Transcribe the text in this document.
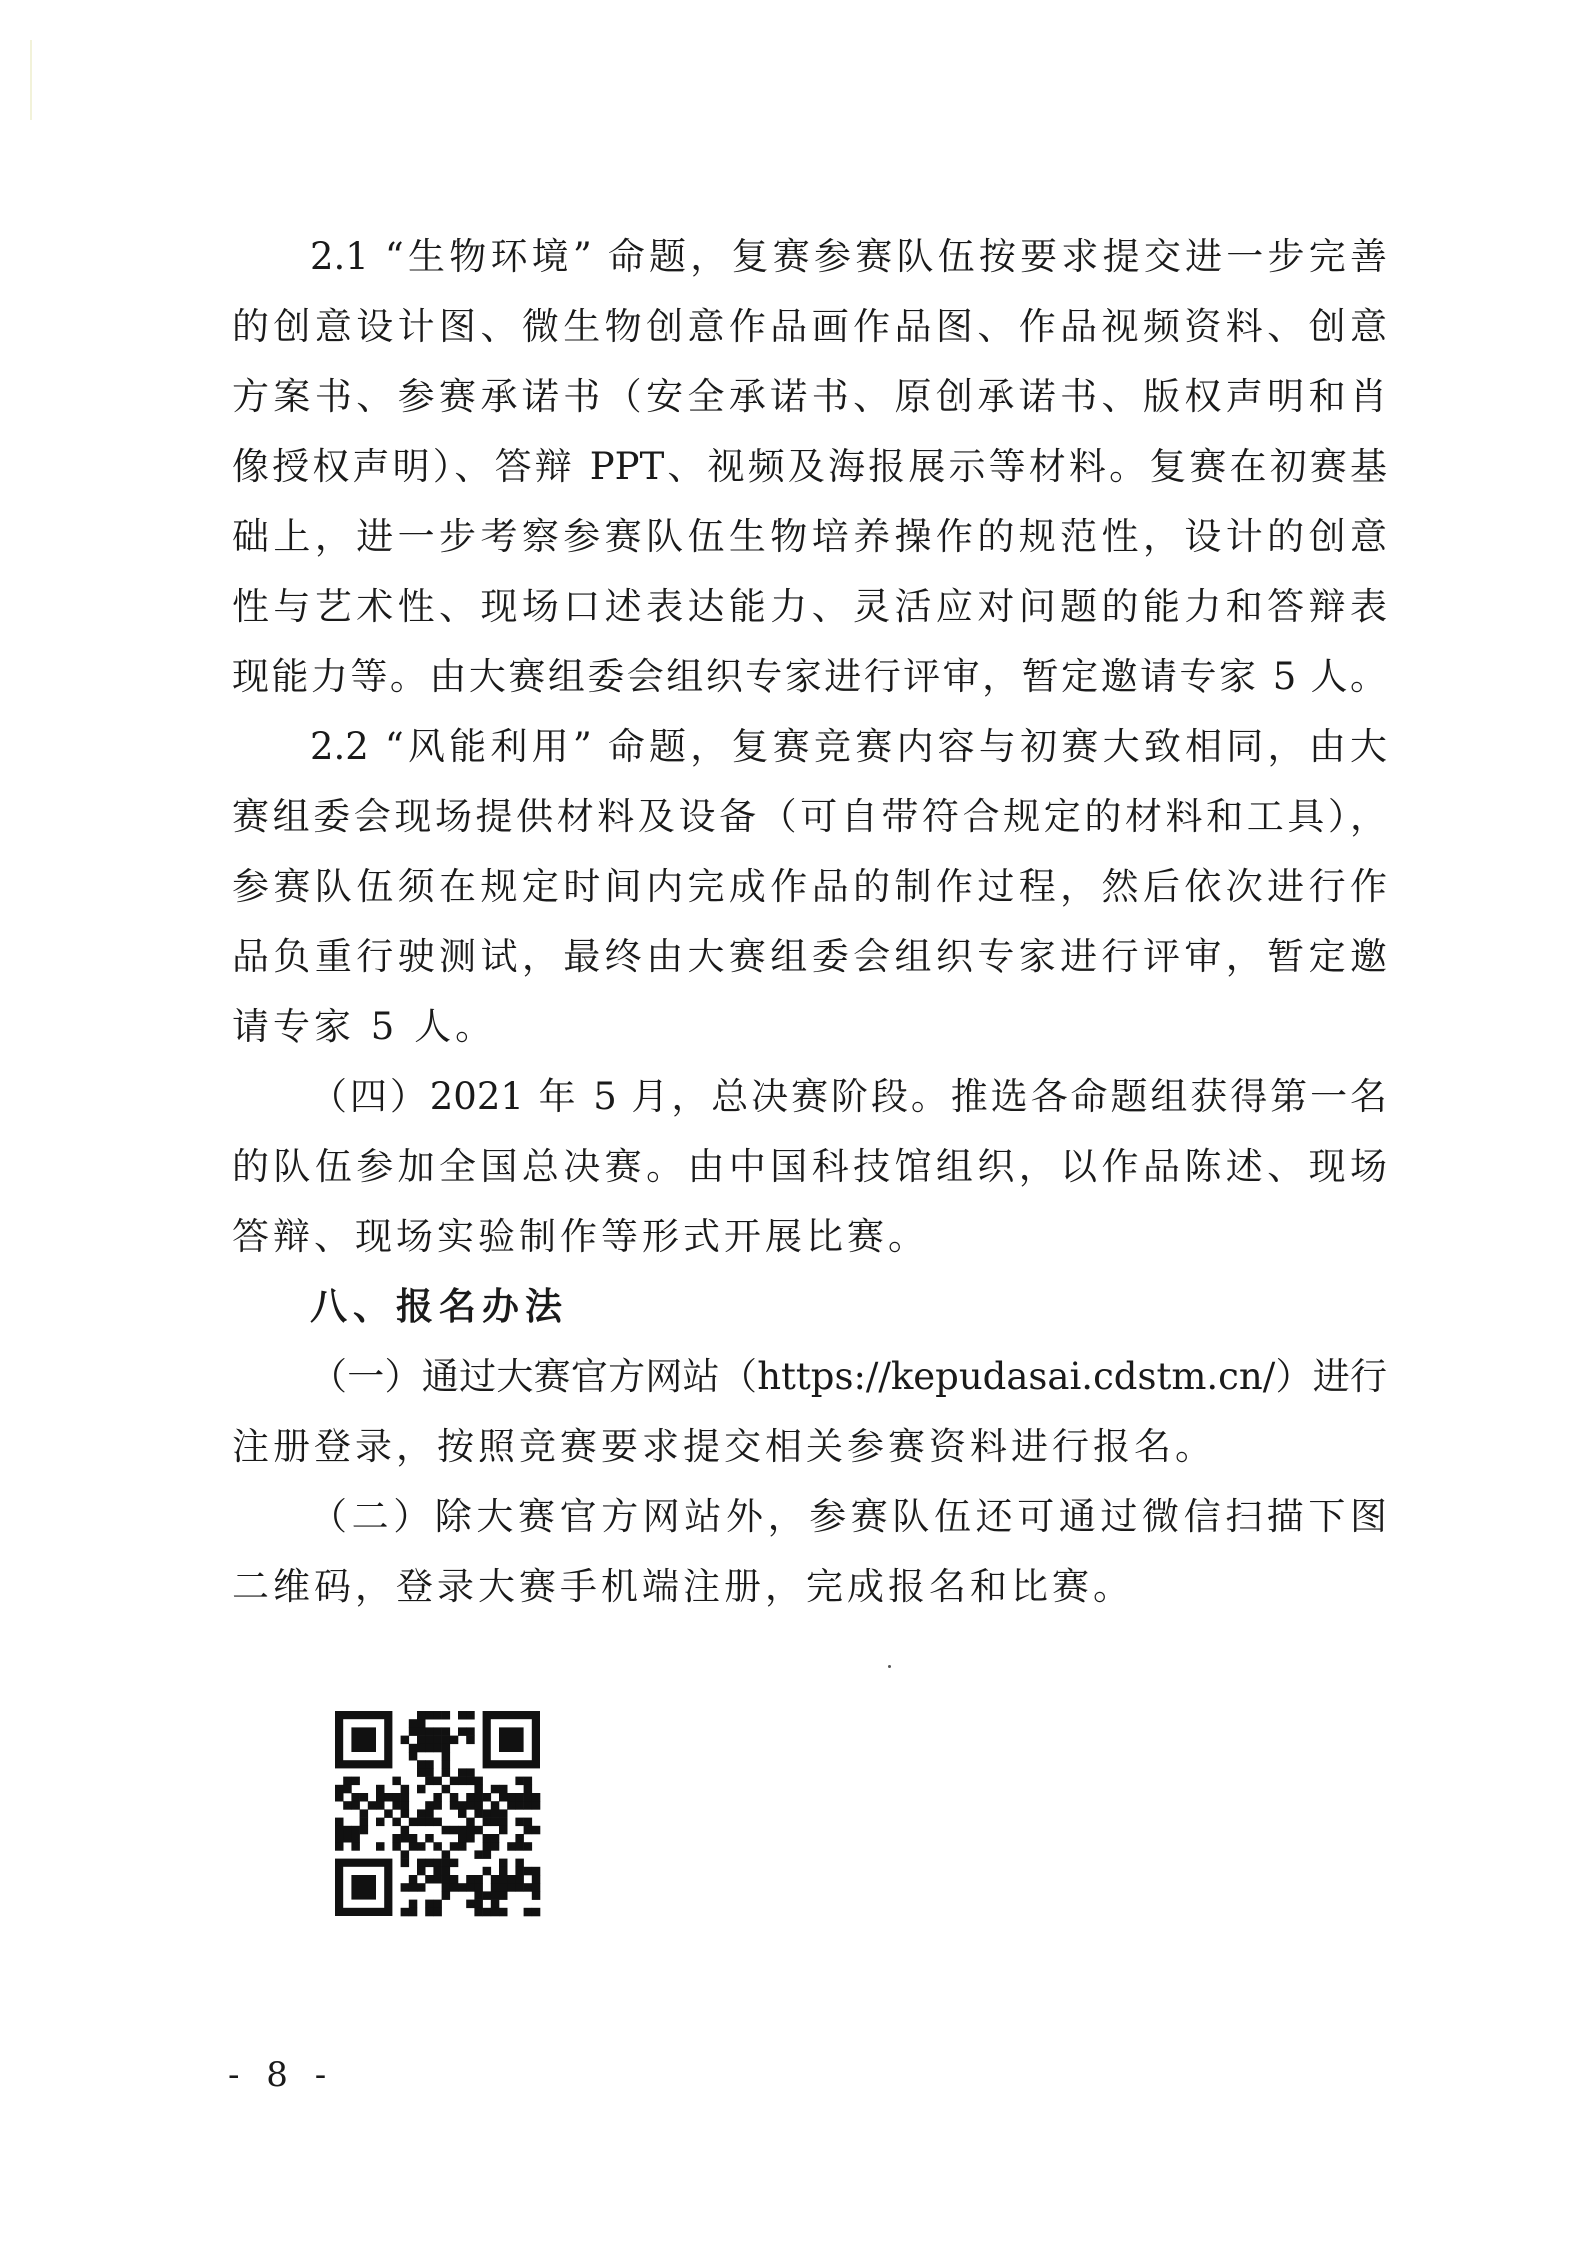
2.1 “生物环境” 命题，复赛参赛队伍按要求提交进一步完善
的创意设计图、微生物创意作品画作品图、作品视频资料、创意
方案书、参赛承诺书（安全承诺书、原创承诺书、版权声明和肖
像授权声明）、答辩 PPT、视频及海报展示等材料。复赛在初赛基
础上，进一步考察参赛队伍生物培养操作的规范性，设计的创意
性与艺术性、现场口述表达能力、灵活应对问题的能力和答辩表
现能力等。由大赛组委会组织专家进行评审，暂定邀请专家 5 人。
2.2 “风能利用” 命题，复赛竞赛内容与初赛大致相同，由大
赛组委会现场提供材料及设备（可自带符合规定的材料和工具），
参赛队伍须在规定时间内完成作品的制作过程，然后依次进行作
品负重行驶测试，最终由大赛组委会组织专家进行评审，暂定邀
请专家 5 人。
（四）2021 年 5 月，总决赛阶段。推选各命题组获得第一名
的队伍参加全国总决赛。由中国科技馆组织，以作品陈述、现场
答辩、现场实验制作等形式开展比赛。
八、报名办法
（一）通过大赛官方网站（https://kepudasai.cdstm.cn/）进行
注册登录，按照竞赛要求提交相关参赛资料进行报名。
（二）除大赛官方网站外，参赛队伍还可通过微信扫描下图
二维码，登录大赛手机端注册，完成报名和比赛。
- 8 -
